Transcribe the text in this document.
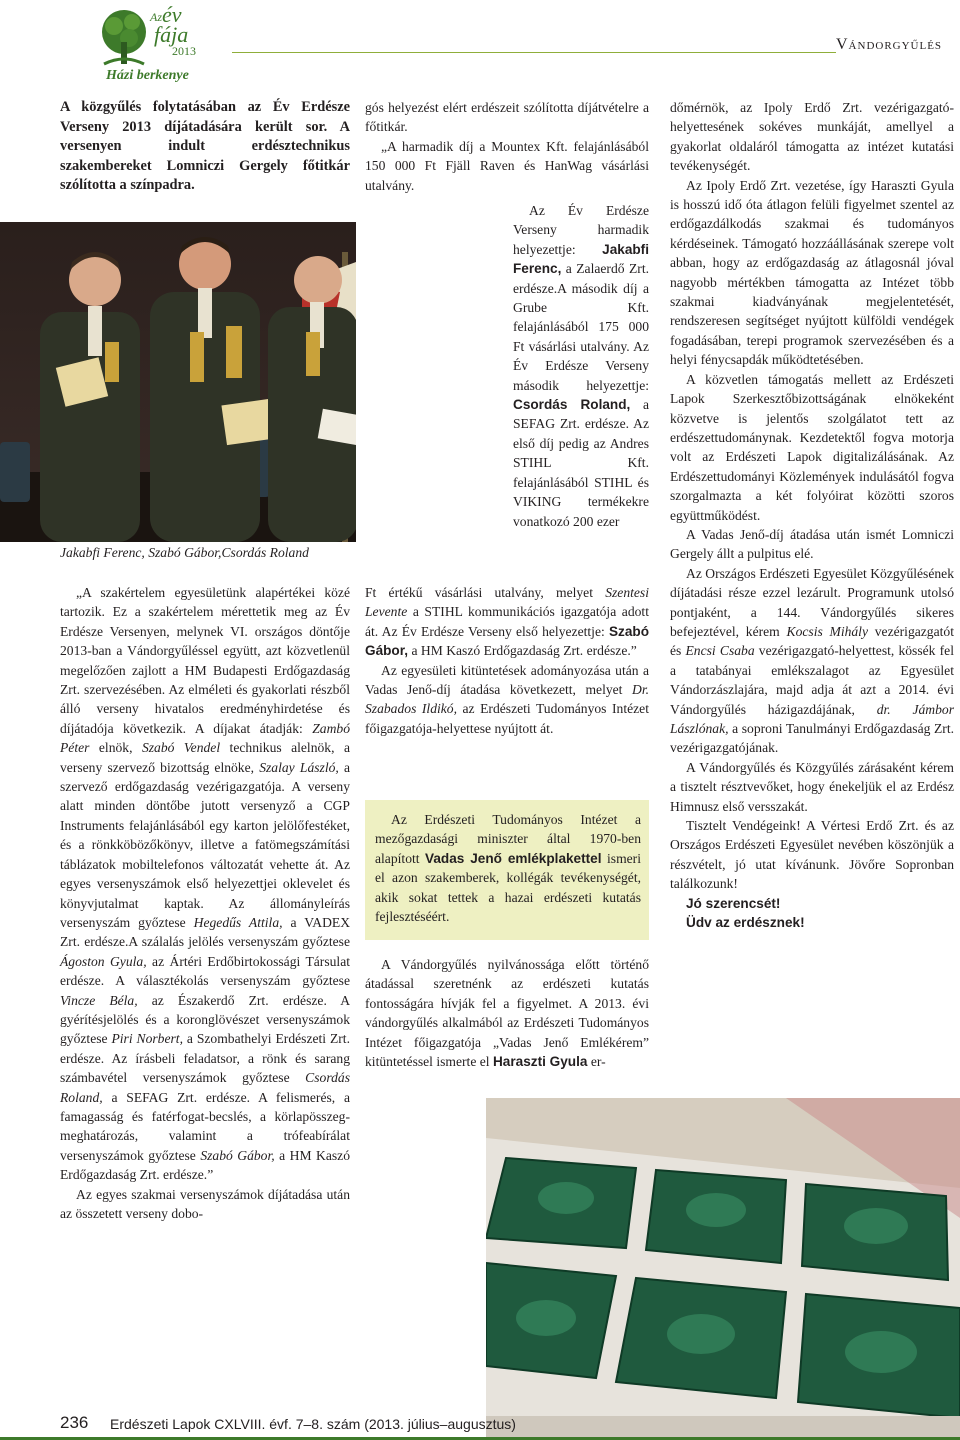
Az év
fája
2013
Házi berkenye
Vándorgyűlés
A közgyűlés folytatásában az Év Erdésze Verseny 2013 díjátadására került sor. A versenyen indult erdésztechnikus szakembereket Lomniczi Gergely főtitkár szólította a színpadra.
Jakabfi Ferenc, Szabó Gábor,Csordás Roland

„A szakértelem egyesületünk alapértékei közé tartozik. Ez a szakértelem mérettetik meg az Év Erdésze Versenyen, melynek VI. országos döntője 2013-ban a Vándorgyűléssel együtt, azt közvetlenül megelőzően zajlott a HM Budapesti Erdőgazdaság Zrt. szervezésében. Az elméleti és gyakorlati részből álló verseny hivatalos eredményhirdetése és díjátadója következik. A díjakat átadják: Zambó Péter elnök, Szabó Vendel technikus alelnök, a verseny szervező bizottság elnöke, Szalay László, a szervező erdőgazdaság vezérigazgatója. A verseny alatt minden döntőbe jutott versenyző a CGP Instruments felajánlásából egy karton jelölőfestéket, és a rönkköbözőkönyv, illetve a fatömegszámítási táblázatok mobiltelefonos változatát vehette át. Az egyes versenyszámok első helyezettjei oklevelet és könyvjutalmat kaptak. Az állományleírás versenyszám győztese Hegedűs Attila, a VADEX Zrt. erdésze.A szálalás jelölés versenyszám győztese Ágoston Gyula, az Ártéri Erdőbirtokossági Társulat erdésze. A választékolás versenyszám győztese Vincze Béla, az Északerdő Zrt. erdésze. A gyérítésjelölés és a koronglövészet versenyszámok győztese Piri Norbert, a Szombathelyi Erdészeti Zrt. erdésze. Az írásbeli feladatsor, a rönk és sarang számbavétel versenyszámok győztese Csordás Roland, a SEFAG Zrt. erdésze. A felismerés, a famagasság és fatérfogat-becslés, a körlapösszeg-meghatározás, valamint a trófeabírálat versenyszámok győztese Szabó Gábor, a HM Kaszó Erdőgazdaság Zrt. erdésze.”

Az egyes szakmai versenyszámok díjátadása után az összetett verseny dobo-

gós helyezést elért erdészeit szólította díjátvételre a főtitkár.

„A harmadik díj a Mountex Kft. felajánlásából 150 000 Ft Fjäll Raven és HanWag vásárlási utalvány.

Az Év Erdésze Verseny harmadik helyezettje: Jakabfi Ferenc, a Zalaerdő Zrt. erdésze.A második díj a Grube Kft. felajánlásából 175 000 Ft vásárlási utalvány. Az Év Erdésze Verseny második helyezettje: Csordás Roland, a SEFAG Zrt. erdésze. Az első díj pedig az Andres STIHL Kft. felajánlásából STIHL és VIKING termékekre vonatkozó 200 ezer

Ft értékű vásárlási utalvány, melyet Szentesi Levente a STIHL kommunikációs igazgatója adott át. Az Év Erdésze Verseny első helyezettje: Szabó Gábor, a HM Kaszó Erdőgazdaság Zrt. erdésze.”

Az egyesületi kitüntetések adományozása után a Vadas Jenő-díj átadása következett, melyet Dr. Szabados Ildikó, az Erdészeti Tudományos Intézet főigazgatója-helyettese nyújtott át.

Az Erdészeti Tudományos Intézet a mezőgazdasági miniszter által 1970-ben alapított Vadas Jenő emlékplakettel ismeri el azon szakemberek, kollégák tevékenységét, akik sokat tettek a hazai erdészeti kutatás fejlesztéséért.

A Vándorgyűlés nyilvánossága előtt történő átadással szeretnénk az erdészeti kutatás fontosságára hívják fel a figyelmet. A 2013. évi vándorgyűlés alkalmából az Erdészeti Tudományos Intézet főigazgatója „Vadas Jenő Emlékérem” kitüntetéssel ismerte el Haraszti Gyula er-

dőmérnök, az Ipoly Erdő Zrt. vezérigazgató-helyettesének sokéves munkáját, amellyel a gyakorlat oldaláról támogatta az intézet kutatási tevékenységét.

Az Ipoly Erdő Zrt. vezetése, így Haraszti Gyula is hosszú idő óta átlagon felüli figyelmet szentel az erdőgazdálkodás szakmai és tudományos kérdéseinek. Támogató hozzáállásának szerepe volt abban, hogy az erdőgazdaság az átlagosnál jóval nagyobb mértékben támogatta az Intézet több szakmai kiadványának megjelentetését, rendszeresen segítséget nyújtott külföldi vendégek fogadásában, terepi programok szervezésében és a helyi fénycsapdák működtetésében.

A közvetlen támogatás mellett az Erdészeti Lapok Szerkesztőbizottságának elnökeként közvetve is jelentős szolgálatot tett az erdészettudománynak. Kezdetektől fogva motorja volt az Erdészeti Lapok digitalizálásának. Az Erdészettudományi Közlemények indulásától fogva szorgalmazta a két folyóirat közötti szoros együttműködést.

A Vadas Jenő-díj átadása után ismét Lomniczi Gergely állt a pulpitus elé.

Az Országos Erdészeti Egyesület Közgyűlésének díjátadási része ezzel lezárult. Programunk utolsó pontjaként, a 144. Vándorgyűlés sikeres befejeztével, kérem Kocsis Mihály vezérigazgatót és Encsi Csaba vezérigazgató-helyettest, kössék fel a tatabányai emlékszalagot az Egyesület Vándorzászlajára, majd adja át azt a 2014. évi Vándorgyűlés házigazdájának, dr. Jámbor Lászlónak, a soproni Tanulmányi Erdőgazdaság Zrt. vezérigazgatójának.

A Vándorgyűlés és Közgyűlés zárásaként kérem a tisztelt résztvevőket, hogy énekeljük el az Erdész Himnusz első versszakát.

Tisztelt Vendégeink! A Vértesi Erdő Zrt. és az Országos Erdészeti Egyesület nevében köszönjük a részvételt, jó utat kívánunk. Jövőre Sopronban találkozunk!

Jó szerencsét!

Üdv az erdésznek!

236 Erdészeti Lapok CXLVIII. évf. 7–8. szám (2013. július–augusztus)
